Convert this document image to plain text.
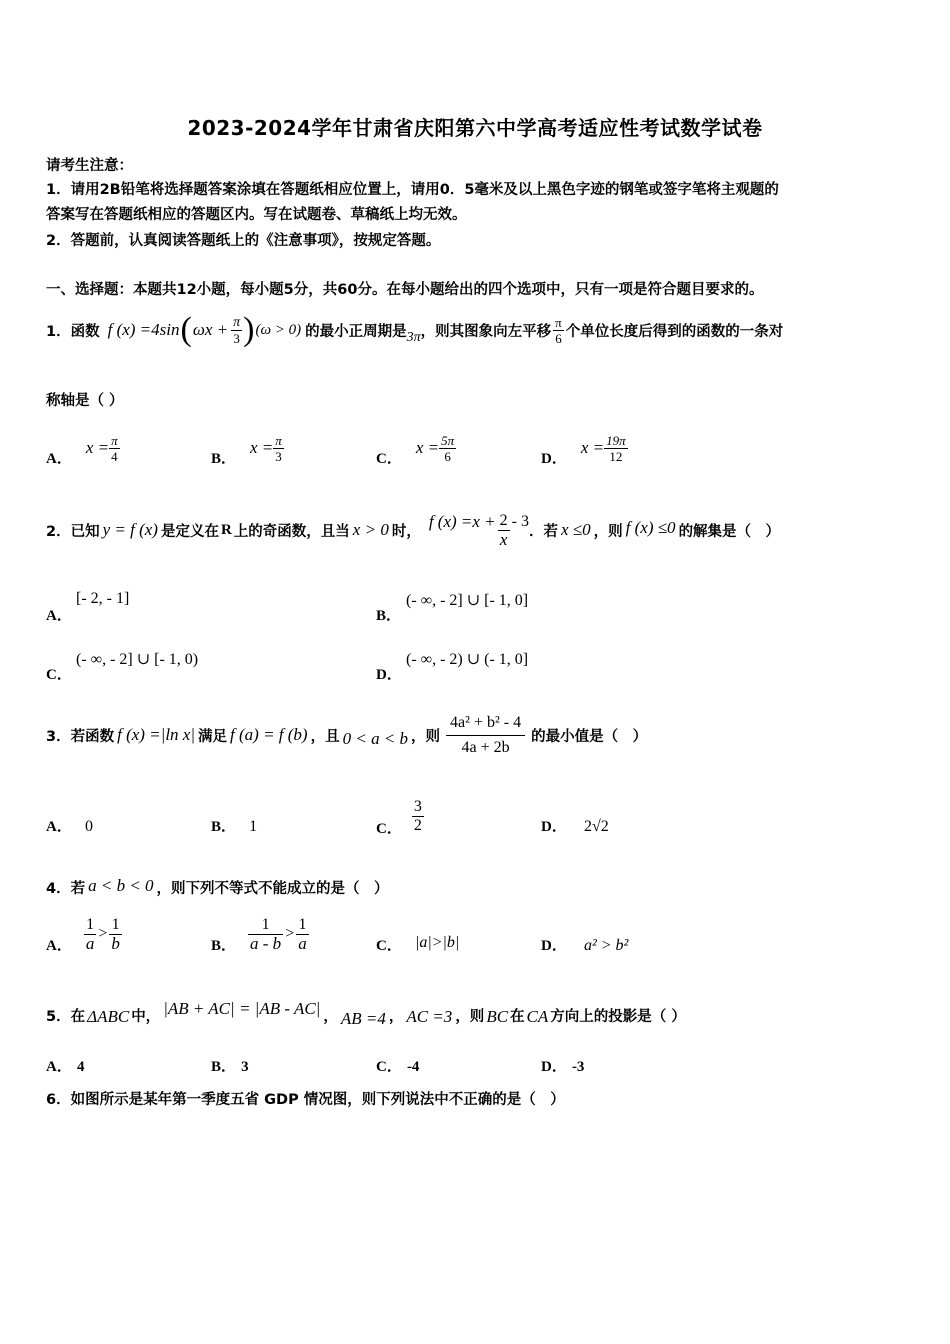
2023-2024学年甘肃省庆阳第六中学高考适应性考试数学试卷
请考生注意：
1．请用2B铅笔将选择题答案涂填在答题纸相应位置上，请用0．5毫米及以上黑色字迹的钢笔或签字笔将主观题的
答案写在答题纸相应的答题区内。写在试题卷、草稿纸上均无效。
2．答题前，认真阅读答题纸上的《注意事项》，按规定答题。
一、选择题：本题共12小题，每小题5分，共60分。在每小题给出的四个选项中，只有一项是符合题目要求的。
1．函数 f (x) =4sin ( $\omega x + \frac{\pi}{3}$ ) (ω > 0) 的最小正周期是 3π ，则其图象向左平移 $\frac{\pi}{6}$ 个单位长度后得到的函数的一条对
称轴是（ ）
A．
$x = \frac{\pi}{4}$	B．
$x = \frac{\pi}{3}$	C．
$x = \frac{5\pi}{6}$	D．
$x = \frac{19\pi}{12}$
2．已知 y = f (x) 是定义在 R 上的奇函数，且当 x > 0 时，
f $(x) =x + \frac{2}{x} - 3$
．若 x ≤0 ，则 f (x) ≤0 的解集是（　）
A．
[- 2, - 1]
B．
(- ∞, - 2] ∪ [- 1, 0]
C．
(- ∞, - 2] ∪ [- 1, 0)
D．
(- ∞, - 2) ∪ (- 1, 0]
3．若函数 f (x) =|ln x| 满足 f (a) = f (b) ，且 0 < a < b ，则 $\frac{\text{4a² + b² - 4}}{4a + 2b}$ 的最小值是（　）
A． 0	B． 1	C． $\frac{3}{2}$	D． 2√2
4．若 a < b < 0 ，则下列不等式不能成立的是（　）
A． $\frac{1}{a} > \frac{1}{b}$	B． $\frac{1}{a - b} > \frac{1}{a}$	C． |a|>|b|	D． a² > b²
5．在 ΔABC 中， |AB + AC| = |AB - AC| ， AB =4 ， AC =3 ，则 BC 在 CA 方向上的投影是（ ）
A． 4	B． 3	C． -4	D． -3
6．如图所示是某年第一季度五省 GDP 情况图，则下列说法中不正确的是（　）
